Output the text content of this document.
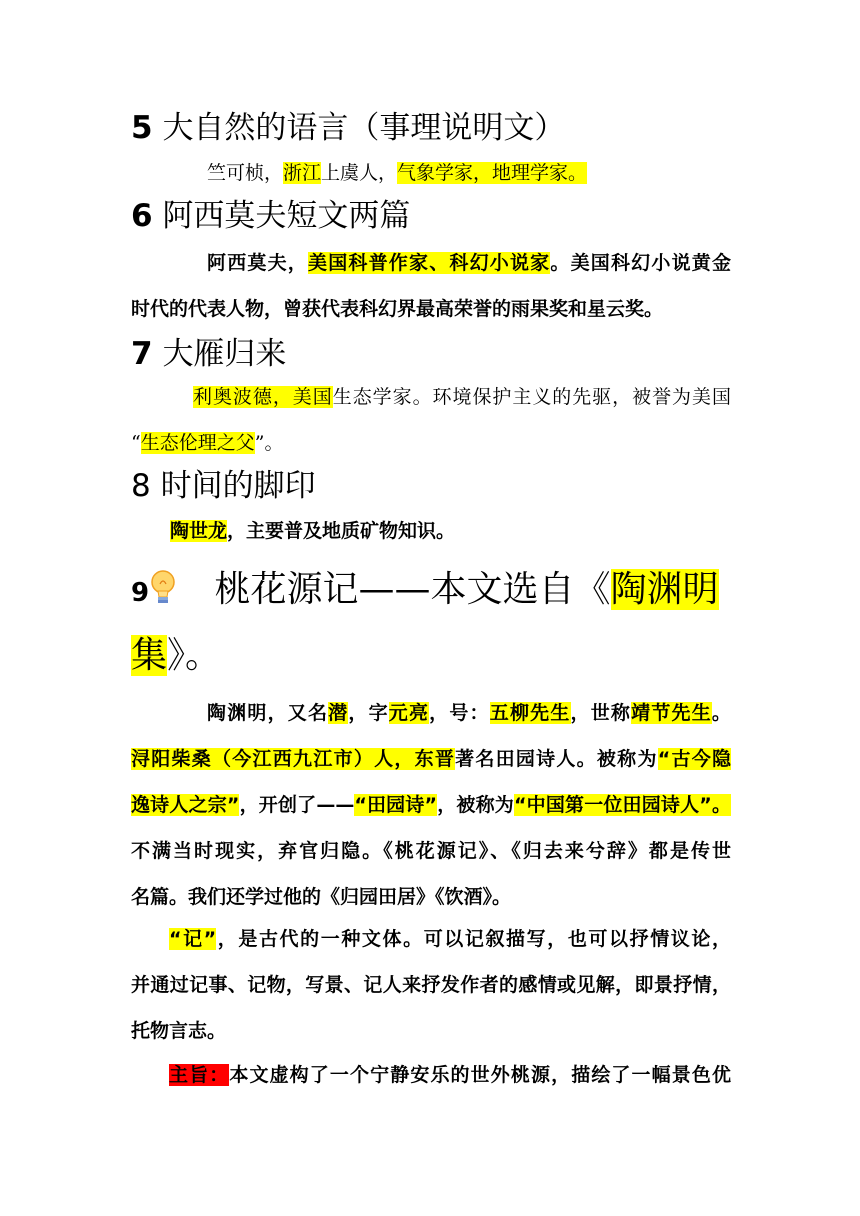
5 大自然的语言（事理说明文）
竺可桢，浙江上虞人，气象学家，地理学家。
6 阿西莫夫短文两篇
阿西莫夫，美国科普作家、科幻小说家。美国科幻小说黄金
时代的代表人物，曾获代表科幻界最高荣誉的雨果奖和星云奖。
7 大雁归来
利奥波德，美国生态学家。环境保护主义的先驱，被誉为美国
“生态伦理之父”。
8 时间的脚印
陶世龙，主要普及地质矿物知识。
9 桃花源记——本文选自《陶渊明
集》。
陶渊明，又名潜，字元亮，号：五柳先生，世称靖节先生。
浔阳柴桑（今江西九江市）人，东晋著名田园诗人。被称为“古今隐
逸诗人之宗”，开创了——“田园诗”，被称为“中国第一位田园诗人”。
不满当时现实，弃官归隐。《桃花源记》、《归去来兮辞》都是传世
名篇。我们还学过他的《归园田居》《饮酒》。
“记”，是古代的一种文体。可以记叙描写，也可以抒情议论，
并通过记事、记物，写景、记人来抒发作者的感情或见解，即景抒情，
托物言志。
主旨：本文虚构了一个宁静安乐的世外桃源，描绘了一幅景色优
